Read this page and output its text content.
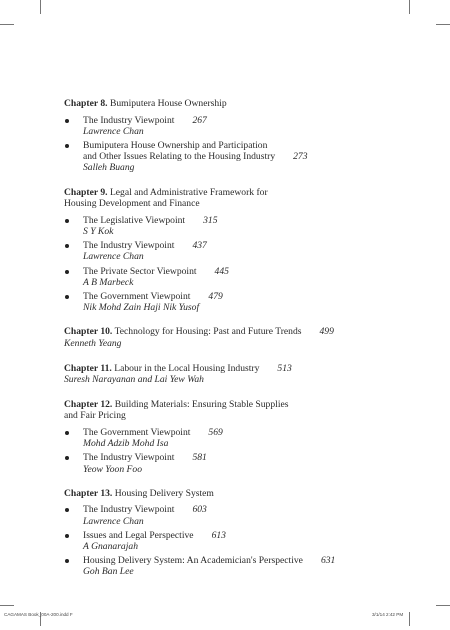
Chapter 8. Bumiputera House Ownership
The Industry Viewpoint 267

Lawrence Chan
Bumiputera House Ownership and Participation
and Other Issues Relating to the Housing Industry 273

Salleh Buang
Chapter 9. Legal and Administrative Framework for
Housing Development and Finance
The Legislative Viewpoint 315

S Y Kok
The Industry Viewpoint 437

Lawrence Chan
The Private Sector Viewpoint 445

A B Marbeck
The Government Viewpoint 479

Nik Mohd Zain Haji Nik Yusof
Chapter 10. Technology for Housing: Past and Future Trends 499
Kenneth Yeang
Chapter 11. Labour in the Local Housing Industry 513
Suresh Narayanan and Lai Yew Wah
Chapter 12. Building Materials: Ensuring Stable Supplies
and Fair Pricing
The Government Viewpoint 569

Mohd Adzib Mohd Isa
The Industry Viewpoint 581

Yeow Yoon Foo
Chapter 13. Housing Delivery System
The Industry Viewpoint 603

Lawrence Chan
Issues and Legal Perspective 613

A Gnanarajah
Housing Delivery System: An Academician's Perspective 631

Goh Ban Lee
CAGAMAS Book_00A-200.indd F	3/1/14 2:42 PM
